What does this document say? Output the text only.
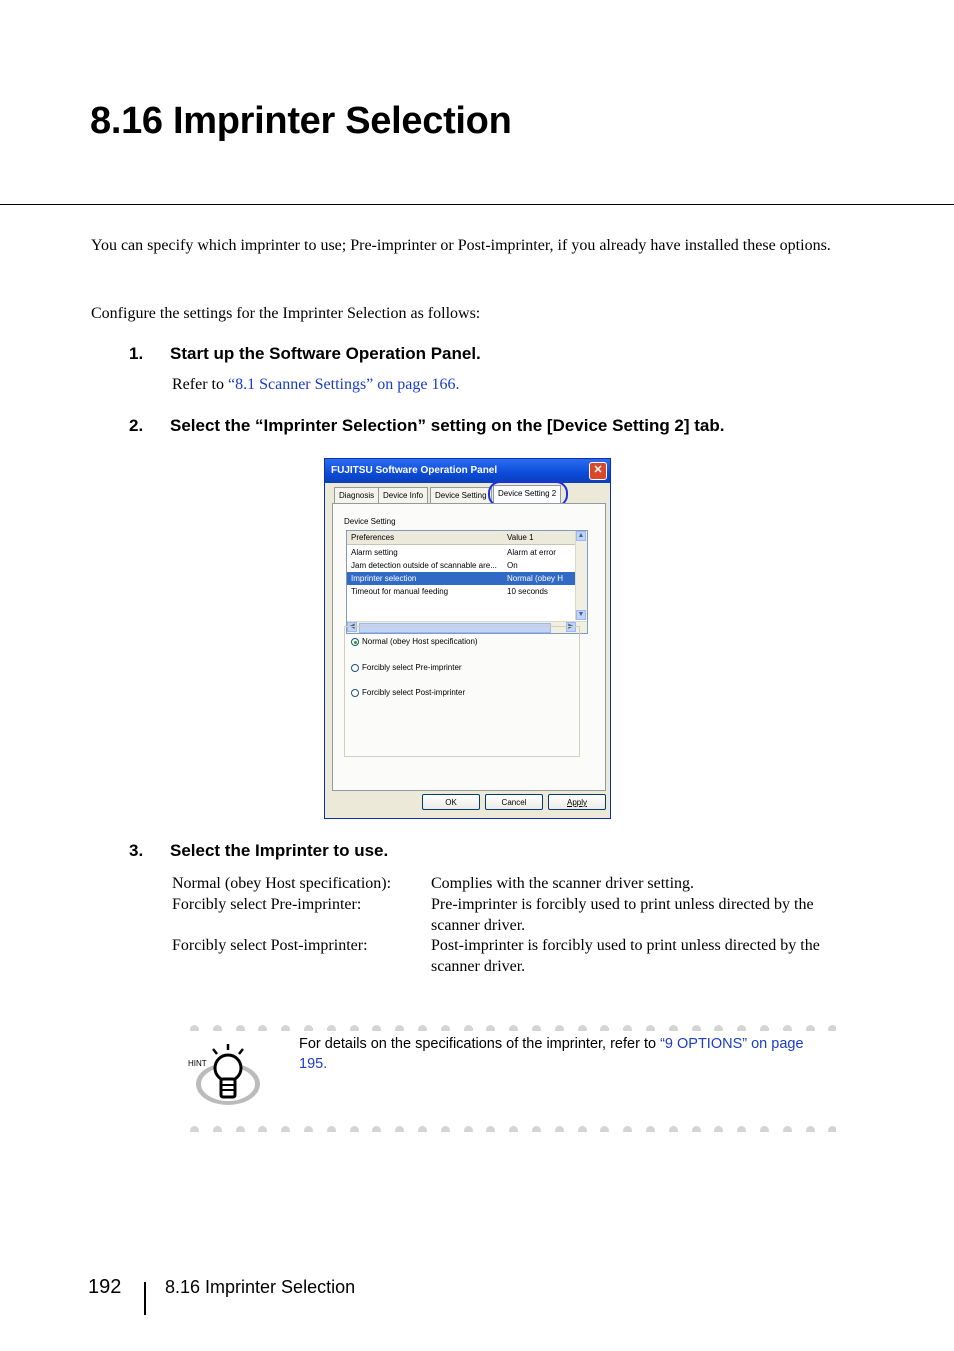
8.16 Imprinter Selection
You can specify which imprinter to use; Pre-imprinter or Post-imprinter, if you already have installed these options.
Configure the settings for the Imprinter Selection as follows:
1. Start up the Software Operation Panel.
Refer to “8.1 Scanner Settings” on page 166.
2. Select the “Imprinter Selection” setting on the [Device Setting 2] tab.
FUJITSU Software Operation Panel	✕
Diagnosis	Device Info	Device Setting	Device Setting 2
Device Setting
Preferences	Value 1
Alarm setting	Alarm at error
Jam detection outside of scannable are...	On
Imprinter selection	Normal (obey H
Timeout for manual feeding	10 seconds
▲
▼
◀	▶
Normal (obey Host specification)
Forcibly select Pre-imprinter
Forcibly select Post-imprinter
OK	Cancel	Apply
3. Select the Imprinter to use.
Normal (obey Host specification): Complies with the scanner driver setting.
Forcibly select Pre-imprinter:	Pre-imprinter is forcibly used to print unless directed by the scanner driver.
Forcibly select Post-imprinter:	Post-imprinter is forcibly used to print unless directed by the scanner driver.
HINT
For details on the specifications of the imprinter, refer to “9 OPTIONS” on page 195.
192 8.16 Imprinter Selection
